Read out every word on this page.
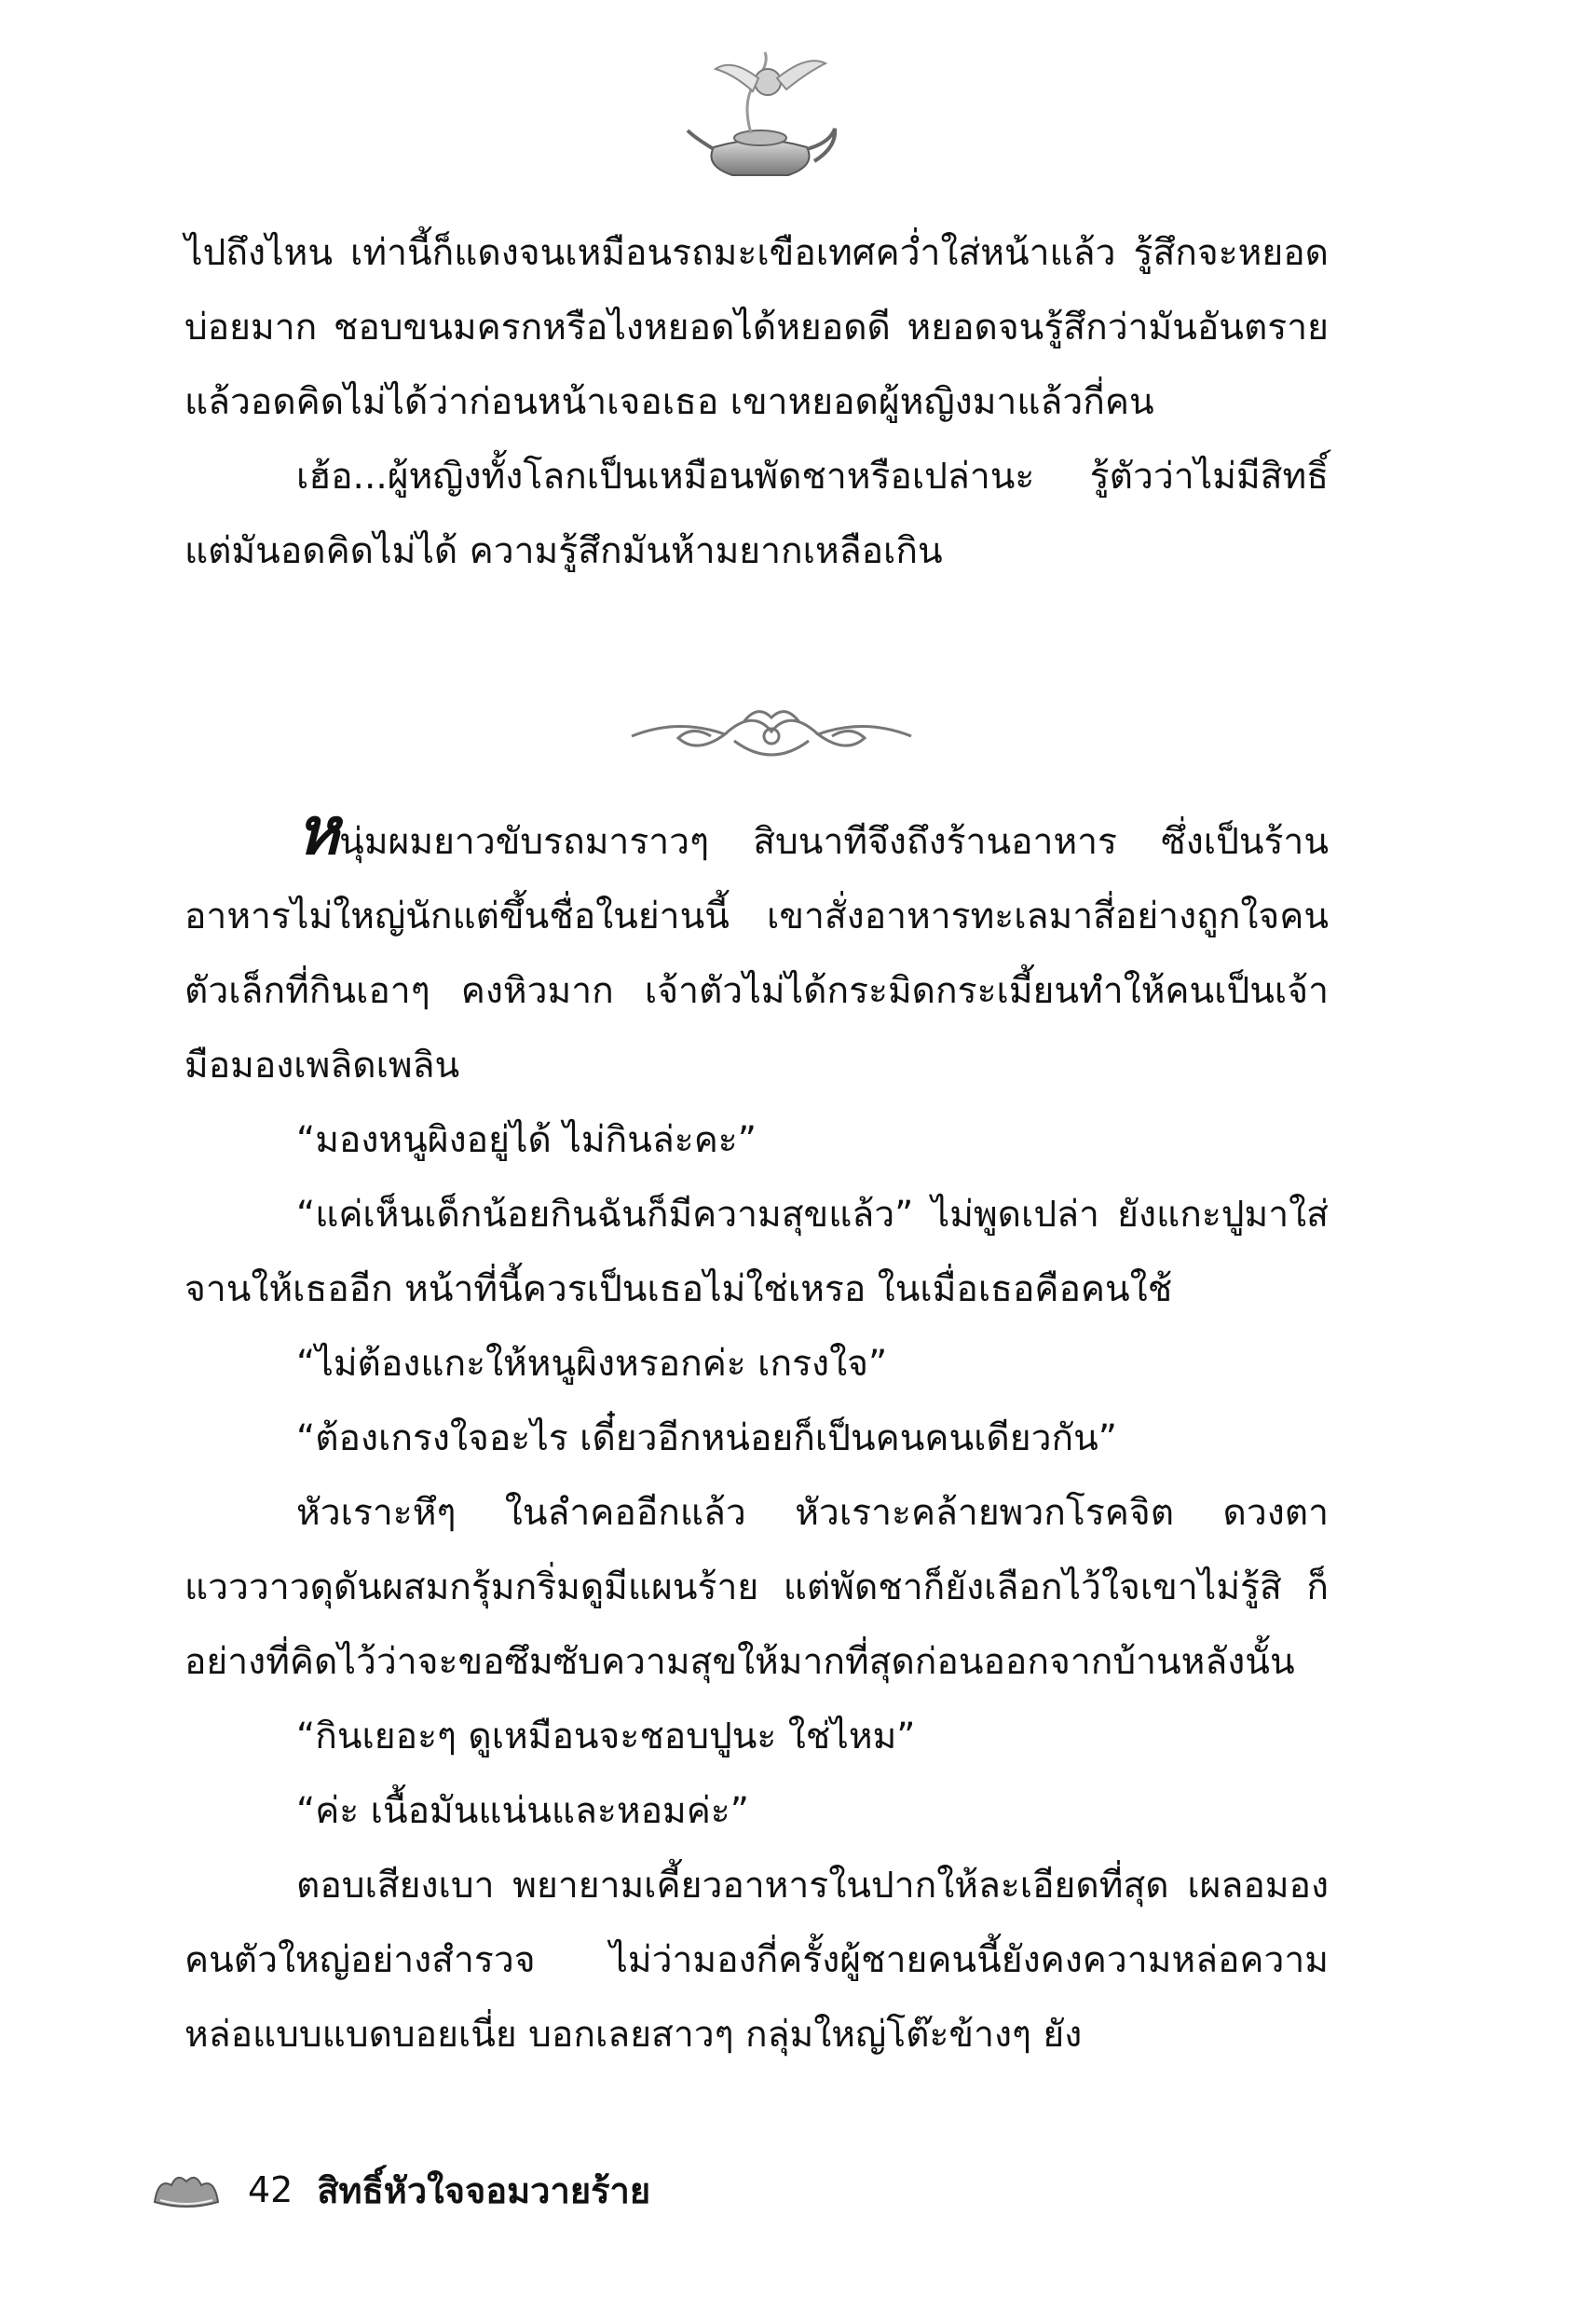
ไปถึงไหน เท่านี้ก็แดงจนเหมือนรถมะเขือเทศคว่ำใส่หน้าแล้ว รู้สึกจะหยอดบ่อยมาก ชอบขนมครกหรือไงหยอดได้หยอดดี หยอดจนรู้สึกว่ามันอันตราย แล้วอดคิดไม่ได้ว่าก่อนหน้าเจอเธอ เขาหยอดผู้หญิงมาแล้วกี่คน

เฮ้อ...ผู้หญิงทั้งโลกเป็นเหมือนพัดชาหรือเปล่านะ รู้ตัวว่าไม่มีสิทธิ์แต่มันอดคิดไม่ได้ ความรู้สึกมันห้ามยากเหลือเกิน

หนุ่มผมยาวขับรถมาราวๆ สิบนาทีจึงถึงร้านอาหาร ซึ่งเป็นร้านอาหารไม่ใหญ่นักแต่ขึ้นชื่อในย่านนี้ เขาสั่งอาหารทะเลมาสี่อย่างถูกใจคนตัวเล็กที่กินเอาๆ คงหิวมาก เจ้าตัวไม่ได้กระมิดกระเมี้ยนทำให้คนเป็นเจ้ามือมองเพลิดเพลิน

“มองหนูผิงอยู่ได้ ไม่กินล่ะคะ”

“แค่เห็นเด็กน้อยกินฉันก็มีความสุขแล้ว” ไม่พูดเปล่า ยังแกะปูมาใส่จานให้เธออีก หน้าที่นี้ควรเป็นเธอไม่ใช่เหรอ ในเมื่อเธอคือคนใช้

“ไม่ต้องแกะให้หนูผิงหรอกค่ะ เกรงใจ”

“ต้องเกรงใจอะไร เดี๋ยวอีกหน่อยก็เป็นคนคนเดียวกัน”

หัวเราะหึๆ ในลำคออีกแล้ว หัวเราะคล้ายพวกโรคจิต ดวงตาแวววาวดุดันผสมกรุ้มกริ่มดูมีแผนร้าย แต่พัดชาก็ยังเลือกไว้ใจเขาไม่รู้สิ ก็อย่างที่คิดไว้ว่าจะขอซึมซับความสุขให้มากที่สุดก่อนออกจากบ้านหลังนั้น

“กินเยอะๆ ดูเหมือนจะชอบปูนะ ใช่ไหม”

“ค่ะ เนื้อมันแน่นและหอมค่ะ”

ตอบเสียงเบา พยายามเคี้ยวอาหารในปากให้ละเอียดที่สุด เผลอมองคนตัวใหญ่อย่างสำรวจ ไม่ว่ามองกี่ครั้งผู้ชายคนนี้ยังคงความหล่อความหล่อแบบแบดบอยเนี่ย บอกเลยสาวๆ กลุ่มใหญ่โต๊ะข้างๆ ยัง

42 สิทธิ์หัวใจจอมวายร้าย
